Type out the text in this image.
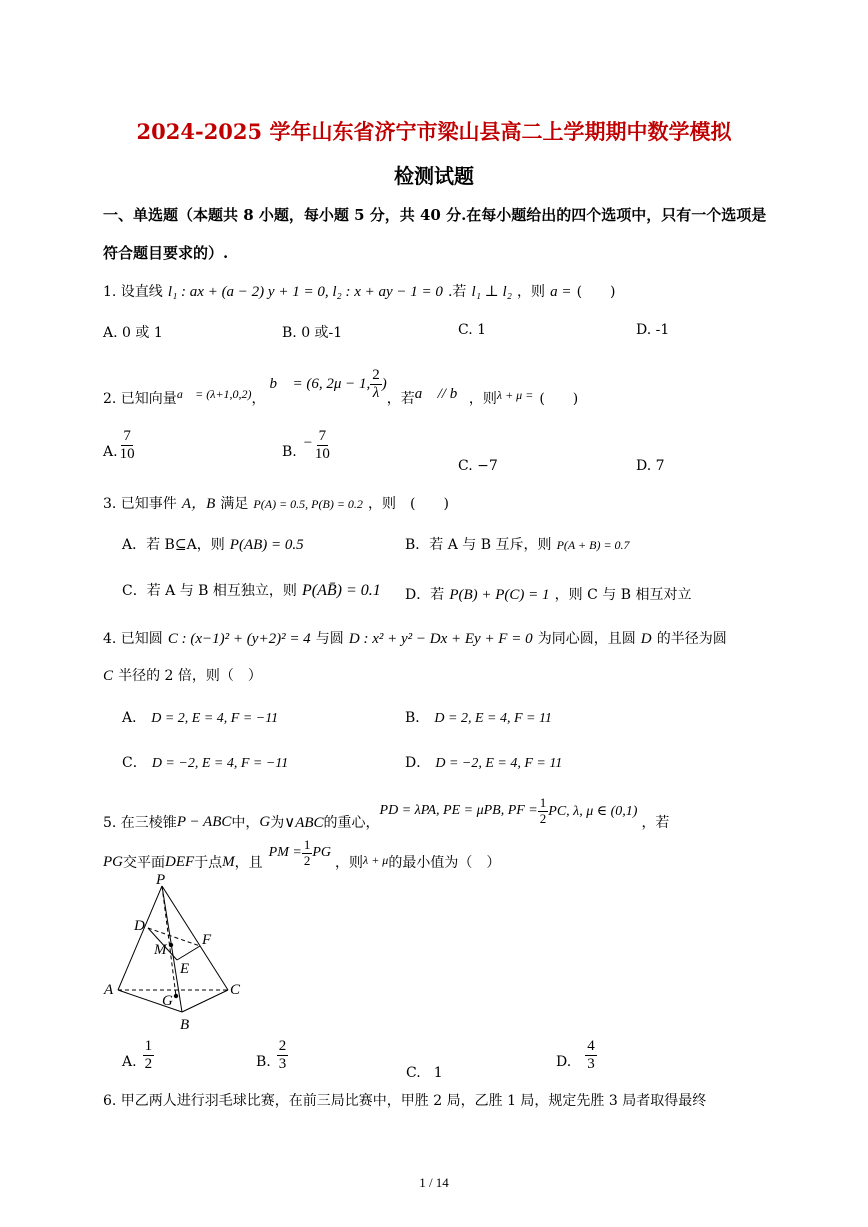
2024-2025 学年山东省济宁市梁山县高二上学期期中数学模拟
检测试题
一、单选题（本题共 8 小题，每小题 5 分，共 40 分.在每小题给出的四个选项中，只有一个选项是
符合题目要求的）.
1. 设直线 l₁ : ax + (a − 2) y + 1 = 0, l₂ : x + ay − 1 = 0 .若 l₁ ⊥ l₂ ，则 a = (　　)
A. 0 或 1	B. 0 或-1	C. 1	D. -1
2. 已知向量 a⃗ = (λ+1,0,2) ，
b⃗ = (6, 2μ − 1, $\frac{2}{\lambda}$ )
，若 a⃗ // b⃗ ，则 λ + μ = (　　)
A. $\frac{7}{10}$	B.
− $\frac{7}{10}$
C. −7	D. 7
3. 已知事件 A，B 满足 P(A) = 0.5, P(B) = 0.2 ，则　(　　)
A．若 B⊆A，则 P(AB) = 0.5	B．若 A 与 B 互斥，则 P(A + B) = 0.7
C．若 A 与 B 相互独立，则 P(AB̄) = 0.1 D．若 P(B) + P(C) = 1 ，则 C 与 B 相互对立
4. 已知圆 C : (x−1)² + (y+2)² = 4 与圆 D : x² + y² − Dx + Ey + F = 0 为同心圆，且圆 D 的半径为圆
C 半径的 2 倍，则（　）
A． D = 2, E = 4, F = −11	B． D = 2, E = 4, F = 11
C． D = −2, E = 4, F = −11	D． D = −2, E = 4, F = 11
5. 在三棱锥 P − ABC 中， G 为 ∨ABC 的重心，
PD = λPA, PE = μPB, PF = $\frac{1}{2}$ PC, λ, μ ∈ (0,1)
，若
PG 交平面 DEF 于点 M ，且
PM = $\frac{1}{2}$ PG
，则 λ + μ 的最小值为（　）
P
D
F
M
E
A	C
G
B
A. $\frac{1}{2}$	B. $\frac{2}{3}$
C. 1
D. $\frac{4}{3}$
6. 甲乙两人进行羽毛球比赛，在前三局比赛中，甲胜 2 局，乙胜 1 局，规定先胜 3 局者取得最终
1 / 14
